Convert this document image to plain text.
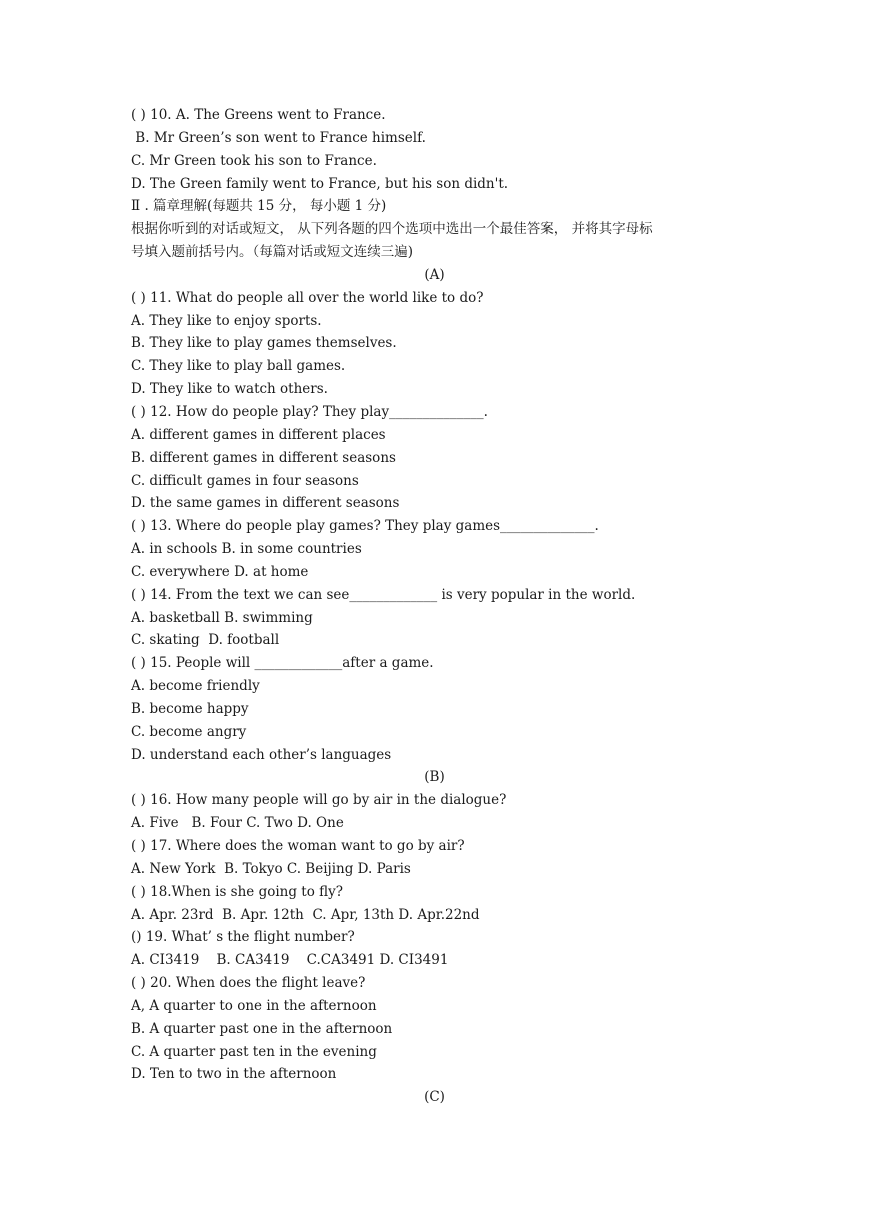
( ) 10. A. The Greens went to France.
B. Mr Green’s son went to France himself.
C. Mr Green took his son to France.
D. The Green family went to France, but his son didn't.
Ⅱ . 篇章理解(每题共 15 分， 每小题 1 分)
根据你听到的对话或短文， 从下列各题的四个选项中选出一个最佳答案， 并将其字母标
号填入题前括号内。（每篇对话或短文连续三遍)
(A)
( ) 11. What do people all over the world like to do?
A. They like to enjoy sports.
B. They like to play games themselves.
C. They like to play ball games.
D. They like to watch others.
( ) 12. How do people play? They play______________.
A. different games in different places
B. different games in different seasons
C. difficult games in four seasons
D. the same games in different seasons
( ) 13. Where do people play games? They play games______________.
A. in schools B. in some countries
C. everywhere D. at home
( ) 14. From the text we can see_____________ is very popular in the world.
A. basketball B. swimming
C. skating  D. football
( ) 15. People will _____________after a game.
A. become friendly
B. become happy
C. become angry
D. understand each other’s languages
(B)
( ) 16. How many people will go by air in the dialogue?
A. Five   B. Four C. Two D. One
( ) 17. Where does the woman want to go by air?
A. New York  B. Tokyo C. Beijing D. Paris
( ) 18.When is she going to fly?
A. Apr. 23rd  B. Apr. 12th  C. Apr, 13th D. Apr.22nd
() 19. What’ s the flight number?
A. CI3419    B. CA3419    C.CA3491 D. CI3491
( ) 20. When does the flight leave?
A, A quarter to one in the afternoon
B. A quarter past one in the afternoon
C. A quarter past ten in the evening
D. Ten to two in the afternoon
(C)
